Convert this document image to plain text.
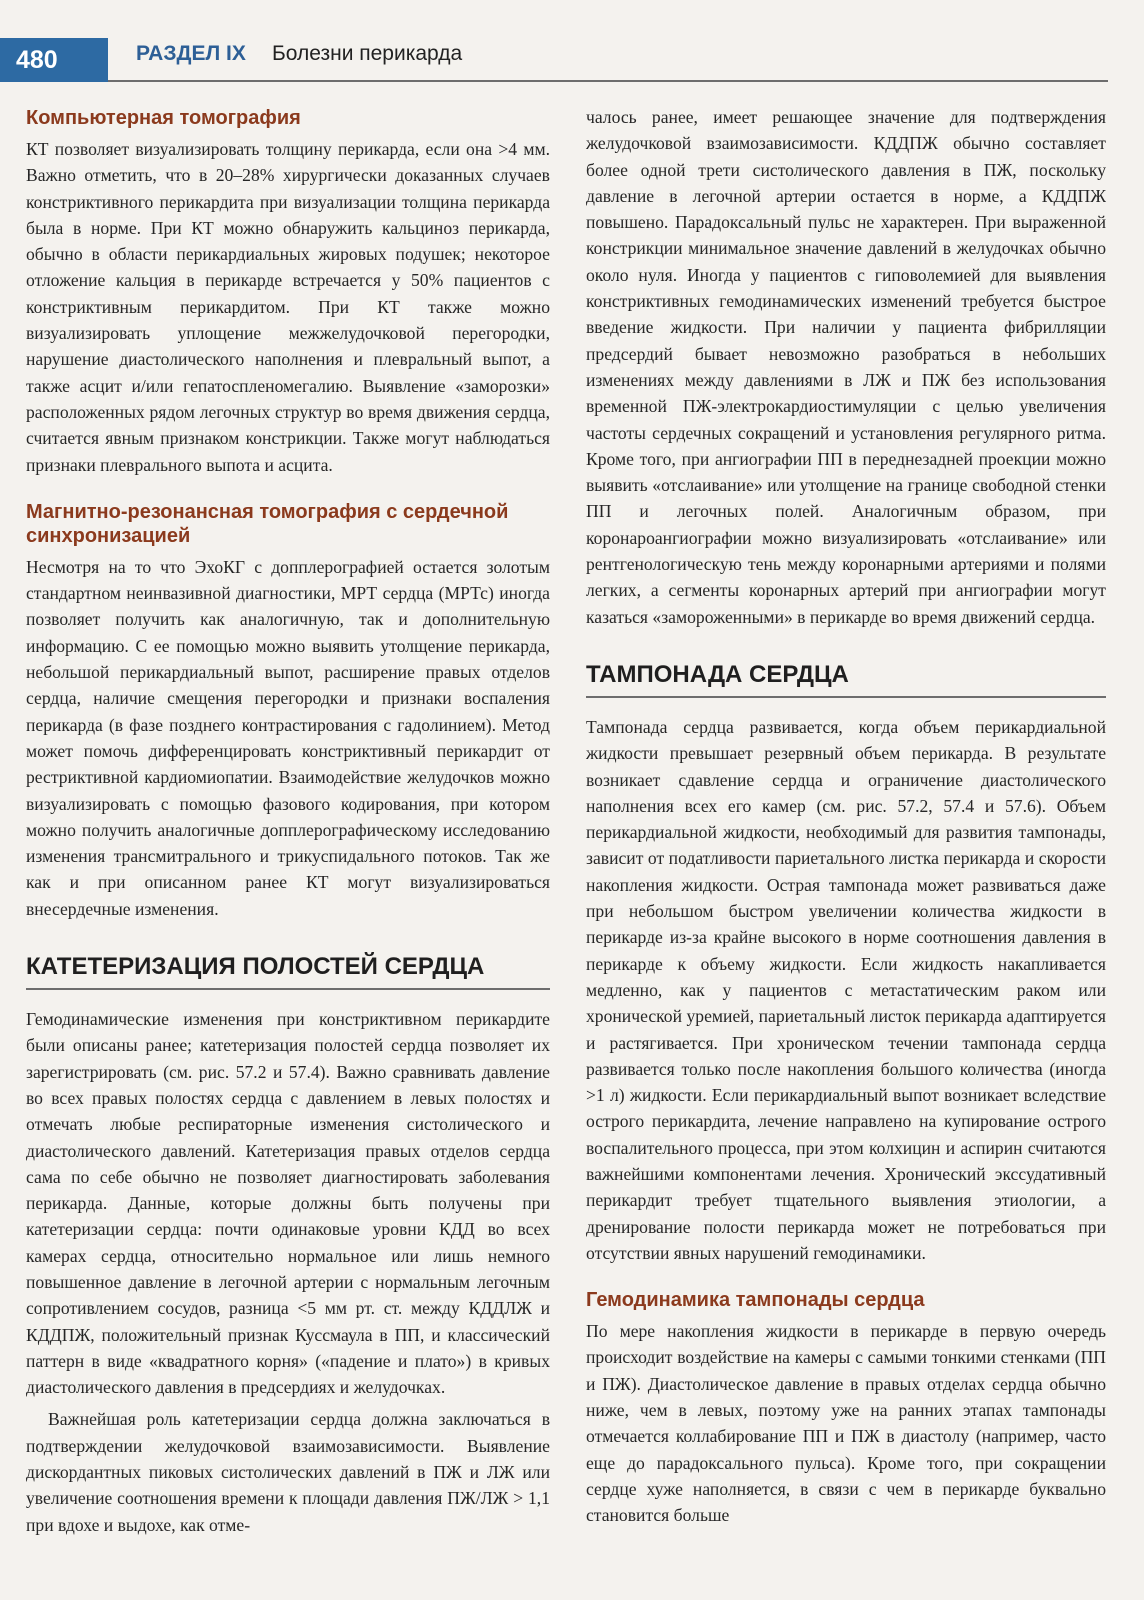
480	РАЗДЕЛ IX Болезни перикарда
Компьютерная томография

КТ позволяет визуализировать толщину перикарда, если она >4 мм. Важно отметить, что в 20–28% хирургически доказанных случаев констриктивного перикардита при визуализации толщина перикарда была в норме. При КТ можно обнаружить кальциноз перикарда, обычно в области перикардиальных жировых подушек; некоторое отложение кальция в перикарде встречается у 50% пациентов с констриктивным перикардитом. При КТ также можно визуализировать уплощение межжелудочковой перегородки, нарушение диастолического наполнения и плевральный выпот, а также асцит и/или гепатоспленомегалию. Выявление «заморозки» расположенных рядом легочных структур во время движения сердца, считается явным признаком констрикции. Также могут наблюдаться признаки плеврального выпота и асцита.

Магнитно-резонансная томография с сердечной синхронизацией

Несмотря на то что ЭхоКГ с допплерографией остается золотым стандартном неинвазивной диагностики, МРТ сердца (МРТс) иногда позволяет получить как аналогичную, так и дополнительную информацию. С ее помощью можно выявить утолщение перикарда, небольшой перикардиальный выпот, расширение правых отделов сердца, наличие смещения перегородки и признаки воспаления перикарда (в фазе позднего контрастирования с гадолинием). Метод может помочь дифференцировать констриктивный перикардит от рестриктивной кардиомиопатии. Взаимодействие желудочков можно визуализировать с помощью фазового кодирования, при котором можно получить аналогичные допплерографическому исследованию изменения трансмитрального и трикуспидального потоков. Так же как и при описанном ранее КТ могут визуализироваться внесердечные изменения.

КАТЕТЕРИЗАЦИЯ ПОЛОСТЕЙ СЕРДЦА

Гемодинамические изменения при констриктивном перикардите были описаны ранее; катетеризация полостей сердца позволяет их зарегистрировать (см. рис. 57.2 и 57.4). Важно сравнивать давление во всех правых полостях сердца с давлением в левых полостях и отмечать любые респираторные изменения систолического и диастолического давлений. Катетеризация правых отделов сердца сама по себе обычно не позволяет диагностировать заболевания перикарда. Данные, которые должны быть получены при катетеризации сердца: почти одинаковые уровни КДД во всех камерах сердца, относительно нормальное или лишь немного повышенное давление в легочной артерии с нормальным легочным сопротивлением сосудов, разница <5 мм рт. ст. между КДДЛЖ и КДДПЖ, положительный признак Куссмаула в ПП, и классический паттерн в виде «квадратного корня» («падение и плато») в кривых диастолического давления в предсердиях и желудочках.

Важнейшая роль катетеризации сердца должна заключаться в подтверждении желудочковой взаимозависимости. Выявление дискордантных пиковых систолических давлений в ПЖ и ЛЖ или увеличение соотношения времени к площади давления ПЖ/ЛЖ > 1,1 при вдохе и выдохе, как отме-

чалось ранее, имеет решающее значение для подтверждения желудочковой взаимозависимости. КДДПЖ обычно составляет более одной трети систолического давления в ПЖ, поскольку давление в легочной артерии остается в норме, а КДДПЖ повышено. Парадоксальный пульс не характерен. При выраженной констрикции минимальное значение давлений в желудочках обычно около нуля. Иногда у пациентов с гиповолемией для выявления констриктивных гемодинамических изменений требуется быстрое введение жидкости. При наличии у пациента фибрилляции предсердий бывает невозможно разобраться в небольших изменениях между давлениями в ЛЖ и ПЖ без использования временной ПЖ-электрокардиостимуляции с целью увеличения частоты сердечных сокращений и установления регулярного ритма. Кроме того, при ангиографии ПП в переднезадней проекции можно выявить «отслаивание» или утолщение на границе свободной стенки ПП и легочных полей. Аналогичным образом, при коронароангиографии можно визуализировать «отслаивание» или рентгенологическую тень между коронарными артериями и полями легких, а сегменты коронарных артерий при ангиографии могут казаться «замороженными» в перикарде во время движений сердца.

ТАМПОНАДА СЕРДЦА

Тампонада сердца развивается, когда объем перикардиальной жидкости превышает резервный объем перикарда. В результате возникает сдавление сердца и ограничение диастолического наполнения всех его камер (см. рис. 57.2, 57.4 и 57.6). Объем перикардиальной жидкости, необходимый для развития тампонады, зависит от податливости париетального листка перикарда и скорости накопления жидкости. Острая тампонада может развиваться даже при небольшом быстром увеличении количества жидкости в перикарде из-за крайне высокого в норме соотношения давления в перикарде к объему жидкости. Если жидкость накапливается медленно, как у пациентов с метастатическим раком или хронической уремией, париетальный листок перикарда адаптируется и растягивается. При хроническом течении тампонада сердца развивается только после накопления большого количества (иногда >1 л) жидкости. Если перикардиальный выпот возникает вследствие острого перикардита, лечение направлено на купирование острого воспалительного процесса, при этом колхицин и аспирин считаются важнейшими компонентами лечения. Хронический экссудативный перикардит требует тщательного выявления этиологии, а дренирование полости перикарда может не потребоваться при отсутствии явных нарушений гемодинамики.

Гемодинамика тампонады сердца

По мере накопления жидкости в перикарде в первую очередь происходит воздействие на камеры с самыми тонкими стенками (ПП и ПЖ). Диастолическое давление в правых отделах сердца обычно ниже, чем в левых, поэтому уже на ранних этапах тампонады отмечается коллабирование ПП и ПЖ в диастолу (например, часто еще до парадоксального пульса). Кроме того, при сокращении сердце хуже наполняется, в связи с чем в перикарде буквально становится больше
